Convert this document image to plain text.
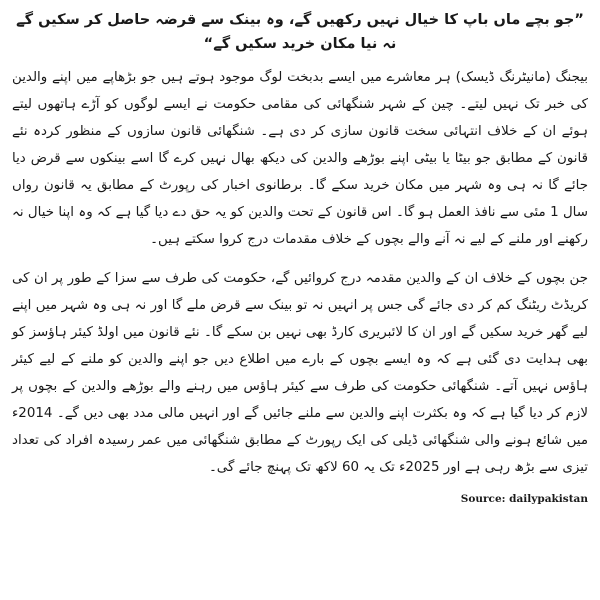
”جو بچے ماں باپ کا خیال نہیں رکھیں گے، وہ بینک سے قرضہ حاصل کر سکیں گے نہ نیا مکان خرید سکیں گے“

بیجنگ (مانیٹرنگ ڈیسک) ہر معاشرے میں ایسے بدبخت لوگ موجود ہوتے ہیں جو بڑھاپے میں اپنے والدین کی خبر تک نہیں لیتے۔ چین کے شہر شنگھائی کی مقامی حکومت نے ایسے لوگوں کو آڑے ہاتھوں لیتے ہوئے ان کے خلاف انتہائی سخت قانون سازی کر دی ہے۔ شنگھائی قانون سازوں کے منظور کردہ نئے قانون کے مطابق جو بیٹا یا بیٹی اپنے بوڑھے والدین کی دیکھ بھال نہیں کرے گا اسے بینکوں سے قرض دیا جائے گا نہ ہی وہ شہر میں مکان خرید سکے گا۔ برطانوی اخبار کی رپورٹ کے مطابق یہ قانون رواں سال 1 مئی سے نافذ العمل ہو گا۔ اس قانون کے تحت والدین کو یہ حق دے دیا گیا ہے کہ وہ اپنا خیال نہ رکھنے اور ملنے کے لیے نہ آنے والے بچوں کے خلاف مقدمات درج کروا سکتے ہیں۔

جن بچوں کے خلاف ان کے والدین مقدمہ درج کروائیں گے، حکومت کی طرف سے سزا کے طور پر ان کی کریڈٹ ریٹنگ کم کر دی جائے گی جس پر انہیں نہ تو بینک سے قرض ملے گا اور نہ ہی وہ شہر میں اپنے لیے گھر خرید سکیں گے اور ان کا لائبریری کارڈ بھی نہیں بن سکے گا۔ نئے قانون میں اولڈ کیئر ہاؤسز کو بھی ہدایت دی گئی ہے کہ وہ ایسے بچوں کے بارے میں اطلاع دیں جو اپنے والدین کو ملنے کے لیے کیئر ہاؤس نہیں آتے۔ شنگھائی حکومت کی طرف سے کیئر ہاؤس میں رہنے والے بوڑھے والدین کے بچوں پر لازم کر دیا گیا ہے کہ وہ بکثرت اپنے والدین سے ملنے جائیں گے اور انہیں مالی مدد بھی دیں گے۔ 2014ء میں شائع ہونے والی شنگھائی ڈیلی کی ایک رپورٹ کے مطابق شنگھائی میں عمر رسیدہ افراد کی تعداد تیزی سے بڑھ رہی ہے اور 2025ء تک یہ 60 لاکھ تک پہنچ جائے گی۔

Source: dailypakistan
